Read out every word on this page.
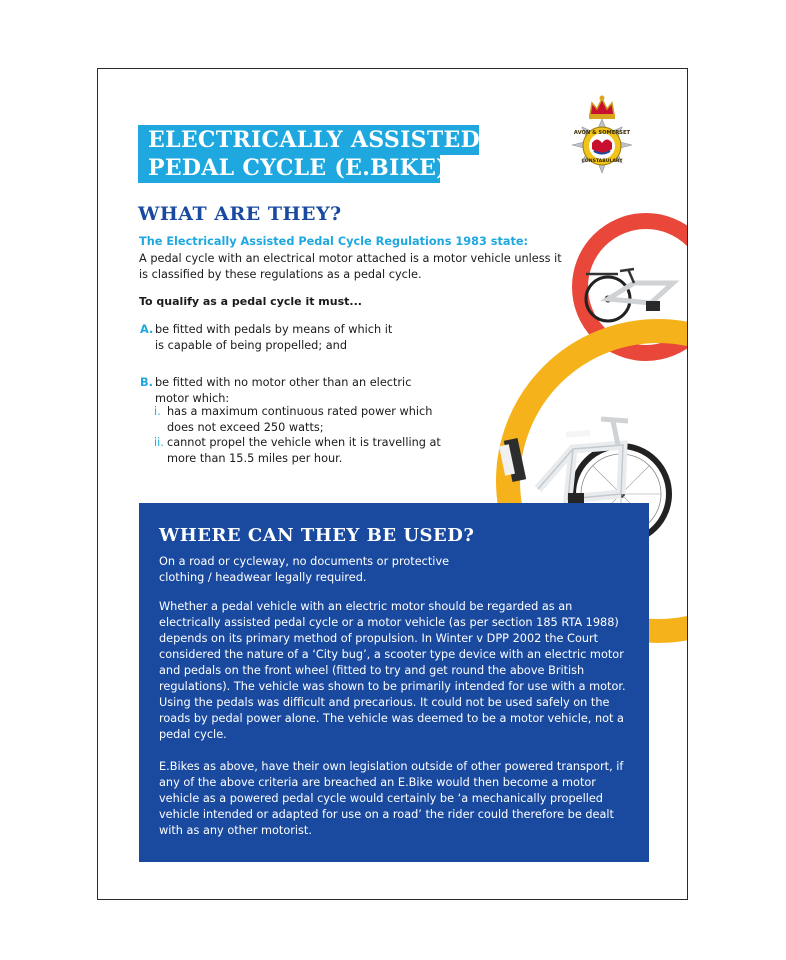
ELECTRICALLY ASSISTED
PEDAL CYCLE (E.BIKE)
AVON & SOMERSET
CONSTABULARY
WHAT ARE THEY?
The Electrically Assisted Pedal Cycle Regulations 1983 state:
A pedal cycle with an electrical motor attached is a motor vehicle unless it is classified by these regulations as a pedal cycle.
To qualify as a pedal cycle it must...
A. be fitted with pedals by means of which it is capable of being propelled; and
B. be fitted with no motor other than an electric motor which:
i. has a maximum continuous rated power which does not exceed 250 watts;
ii. cannot propel the vehicle when it is travelling at more than 15.5 miles per hour.
WHERE CAN THEY BE USED?
On a road or cycleway, no documents or protective clothing / headwear legally required.
Whether a pedal vehicle with an electric motor should be regarded as an electrically assisted pedal cycle or a motor vehicle (as per section 185 RTA 1988) depends on its primary method of propulsion. In Winter v DPP 2002 the Court considered the nature of a ‘City bug’, a scooter type device with an electric motor and pedals on the front wheel (fitted to try and get round the above British regulations). The vehicle was shown to be primarily intended for use with a motor. Using the pedals was difficult and precarious. It could not be used safely on the roads by pedal power alone. The vehicle was deemed to be a motor vehicle, not a pedal cycle.
E.Bikes as above, have their own legislation outside of other powered transport, if any of the above criteria are breached an E.Bike would then become a motor vehicle as a powered pedal cycle would certainly be ‘a mechanically propelled vehicle intended or adapted for use on a road’ the rider could therefore be dealt with as any other motorist.
